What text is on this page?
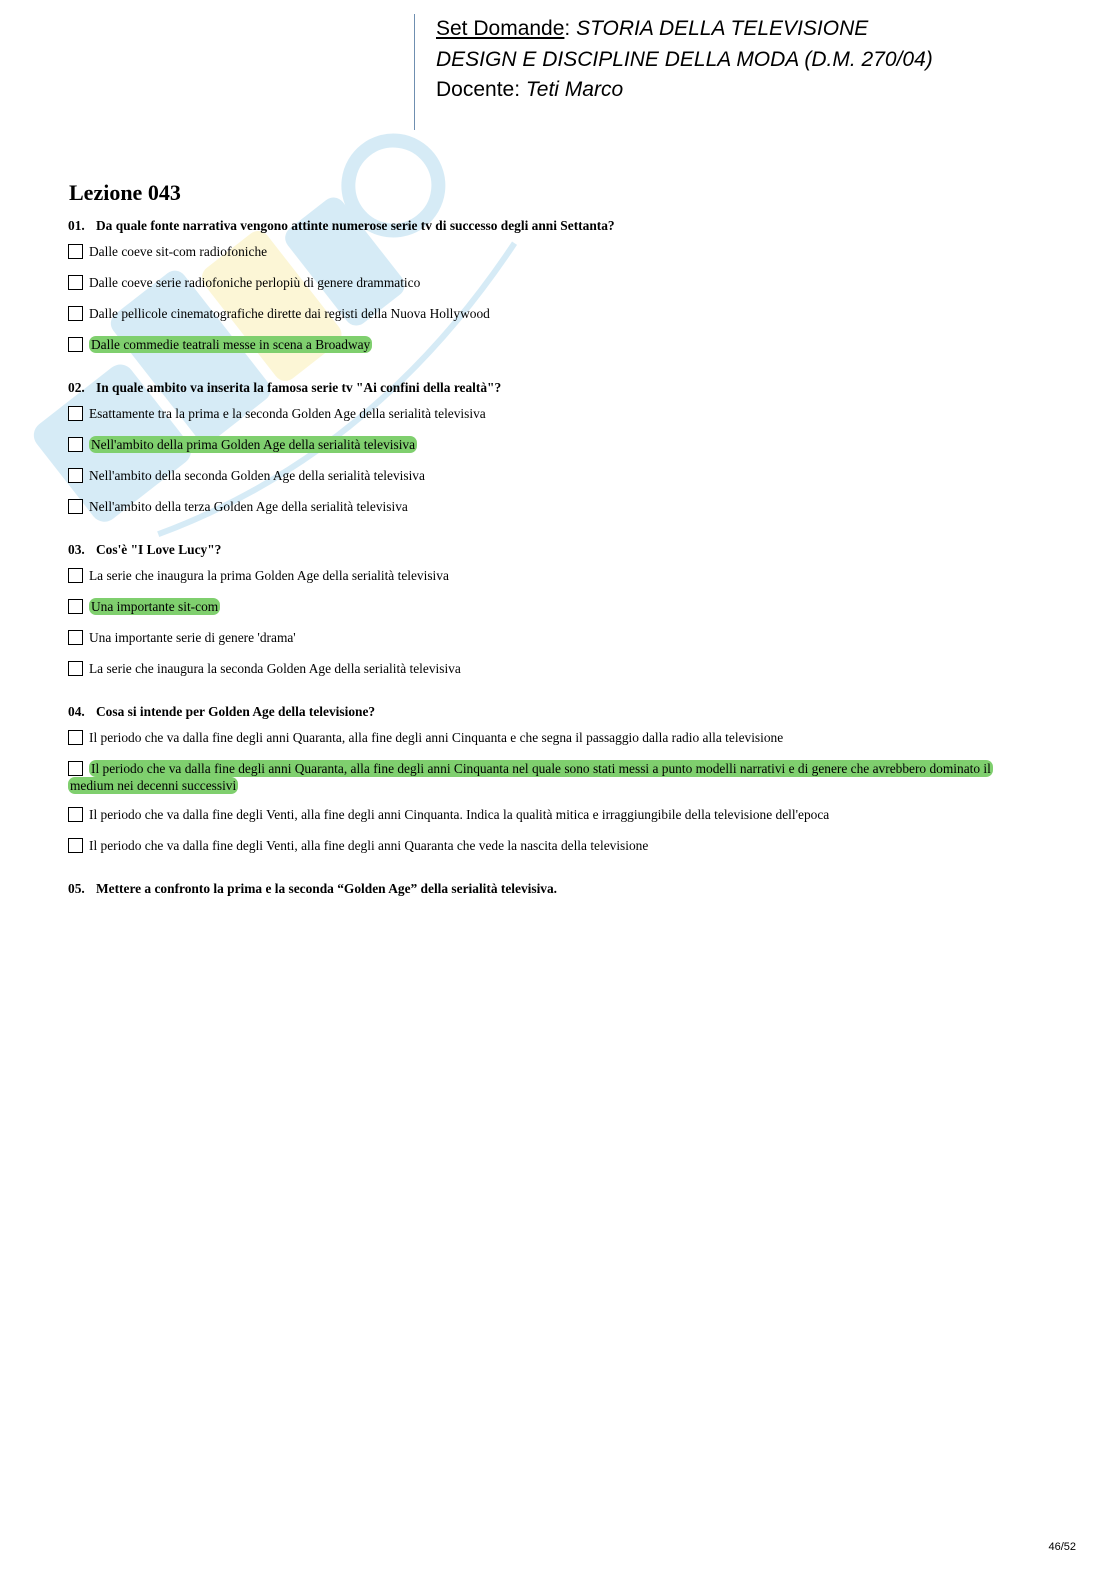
Set Domande: STORIA DELLA TELEVISIONE
DESIGN E DISCIPLINE DELLA MODA (D.M. 270/04)
Docente: Teti Marco
Lezione 043
01. Da quale fonte narrativa vengono attinte numerose serie tv di successo degli anni Settanta?
Dalle coeve sit-com radiofoniche
Dalle coeve serie radiofoniche perlopiù di genere drammatico
Dalle pellicole cinematografiche dirette dai registi della Nuova Hollywood
Dalle commedie teatrali messe in scena a Broadway
02. In quale ambito va inserita la famosa serie tv "Ai confini della realtà"?
Esattamente tra la prima e la seconda Golden Age della serialità televisiva
Nell'ambito della prima Golden Age della serialità televisiva
Nell'ambito della seconda Golden Age della serialità televisiva
Nell'ambito della terza Golden Age della serialità televisiva
03. Cos'è "I Love Lucy"?
La serie che inaugura la prima Golden Age della serialità televisiva
Una importante sit-com
Una importante serie di genere 'drama'
La serie che inaugura la seconda Golden Age della serialità televisiva
04. Cosa si intende per Golden Age della televisione?
Il periodo che va dalla fine degli anni Quaranta, alla fine degli anni Cinquanta e che segna il passaggio dalla radio alla televisione
Il periodo che va dalla fine degli anni Quaranta, alla fine degli anni Cinquanta nel quale sono stati messi a punto modelli narrativi e di genere che avrebbero dominato il medium nei decenni successivi
Il periodo che va dalla fine degli Venti, alla fine degli anni Cinquanta. Indica la qualità mitica e irraggiungibile della televisione dell'epoca
Il periodo che va dalla fine degli Venti, alla fine degli anni Quaranta che vede la nascita della televisione
05. Mettere a confronto la prima e la seconda “Golden Age” della serialità televisiva.
46/52
